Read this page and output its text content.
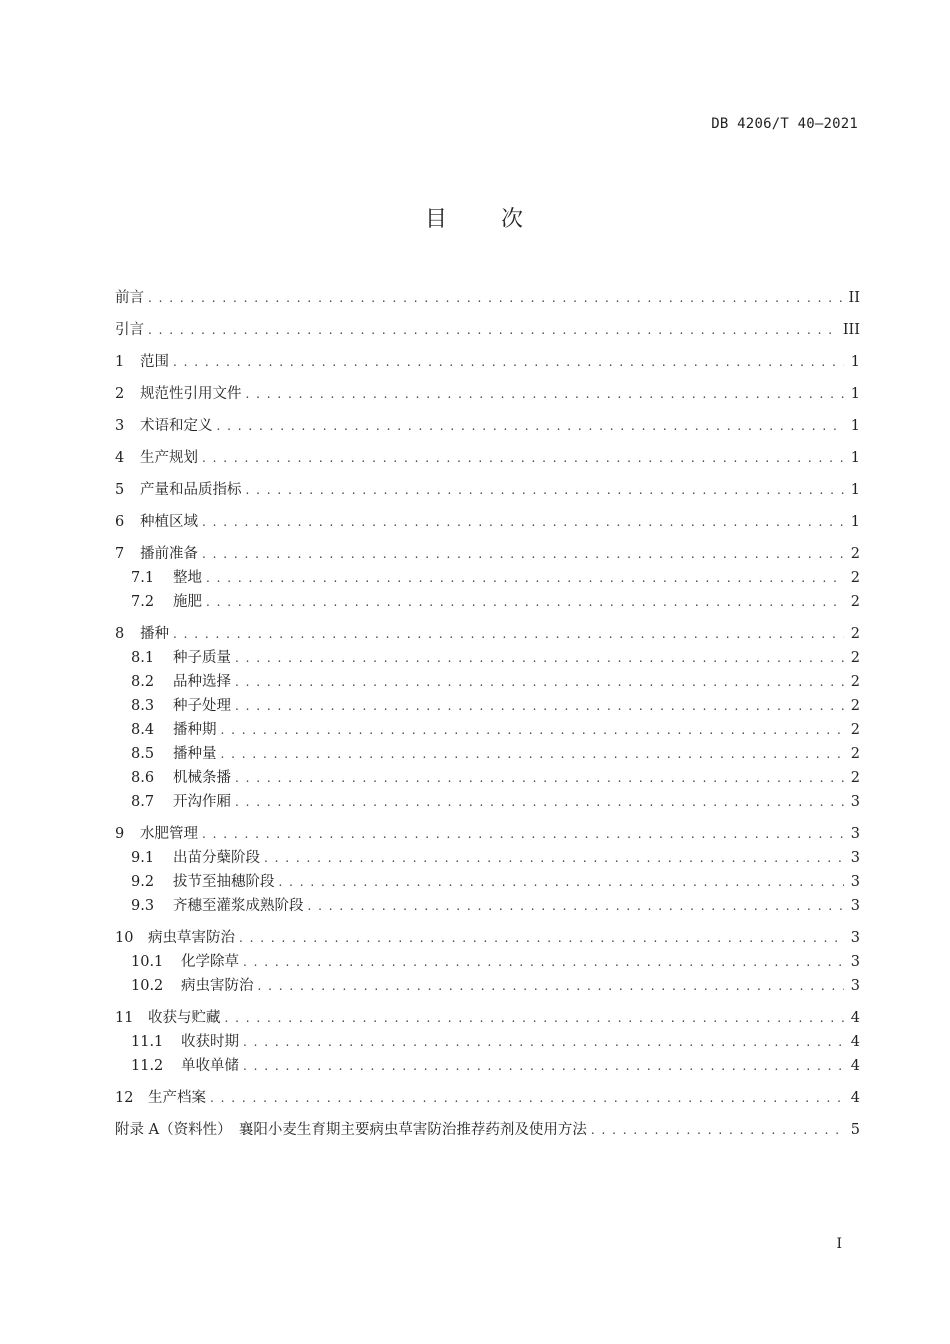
DB 4206/T 40—2021
目 次
前言 . . .	II
引言 . . .	III
1	范围 . . .	1
2	规范性引用文件 . . .	1
3	术语和定义 . . .	1
4	生产规划 . . .	1
5	产量和品质指标 . . .	1
6	种植区域 . . .	1
7	播前准备 . . .	2
7.1	整地 . . .	2
7.2	施肥 . . .	2
8	播种 . . .	2
8.1	种子质量 . . .	2
8.2	品种选择 . . .	2
8.3	种子处理 . . .	2
8.4	播种期 . . .	2
8.5	播种量 . . .	2
8.6	机械条播 . . .	2
8.7	开沟作厢 . . .	3
9	水肥管理 . . .	3
9.1	出苗分蘖阶段 . . .	3
9.2	拔节至抽穗阶段 . . .	3
9.3	齐穗至灌浆成熟阶段 . . .	3
10	病虫草害防治 . . .	3
10.1	化学除草 . . .	3
10.2	病虫害防治 . . .	3
11	收获与贮藏 . . .	4
11.1	收获时期 . . .	4
11.2	单收单储 . . .	4
12	生产档案 . . .	4
附录 A（资料性）　襄阳小麦生育期主要病虫草害防治推荐药剂及使用方法 . . .	5
I
